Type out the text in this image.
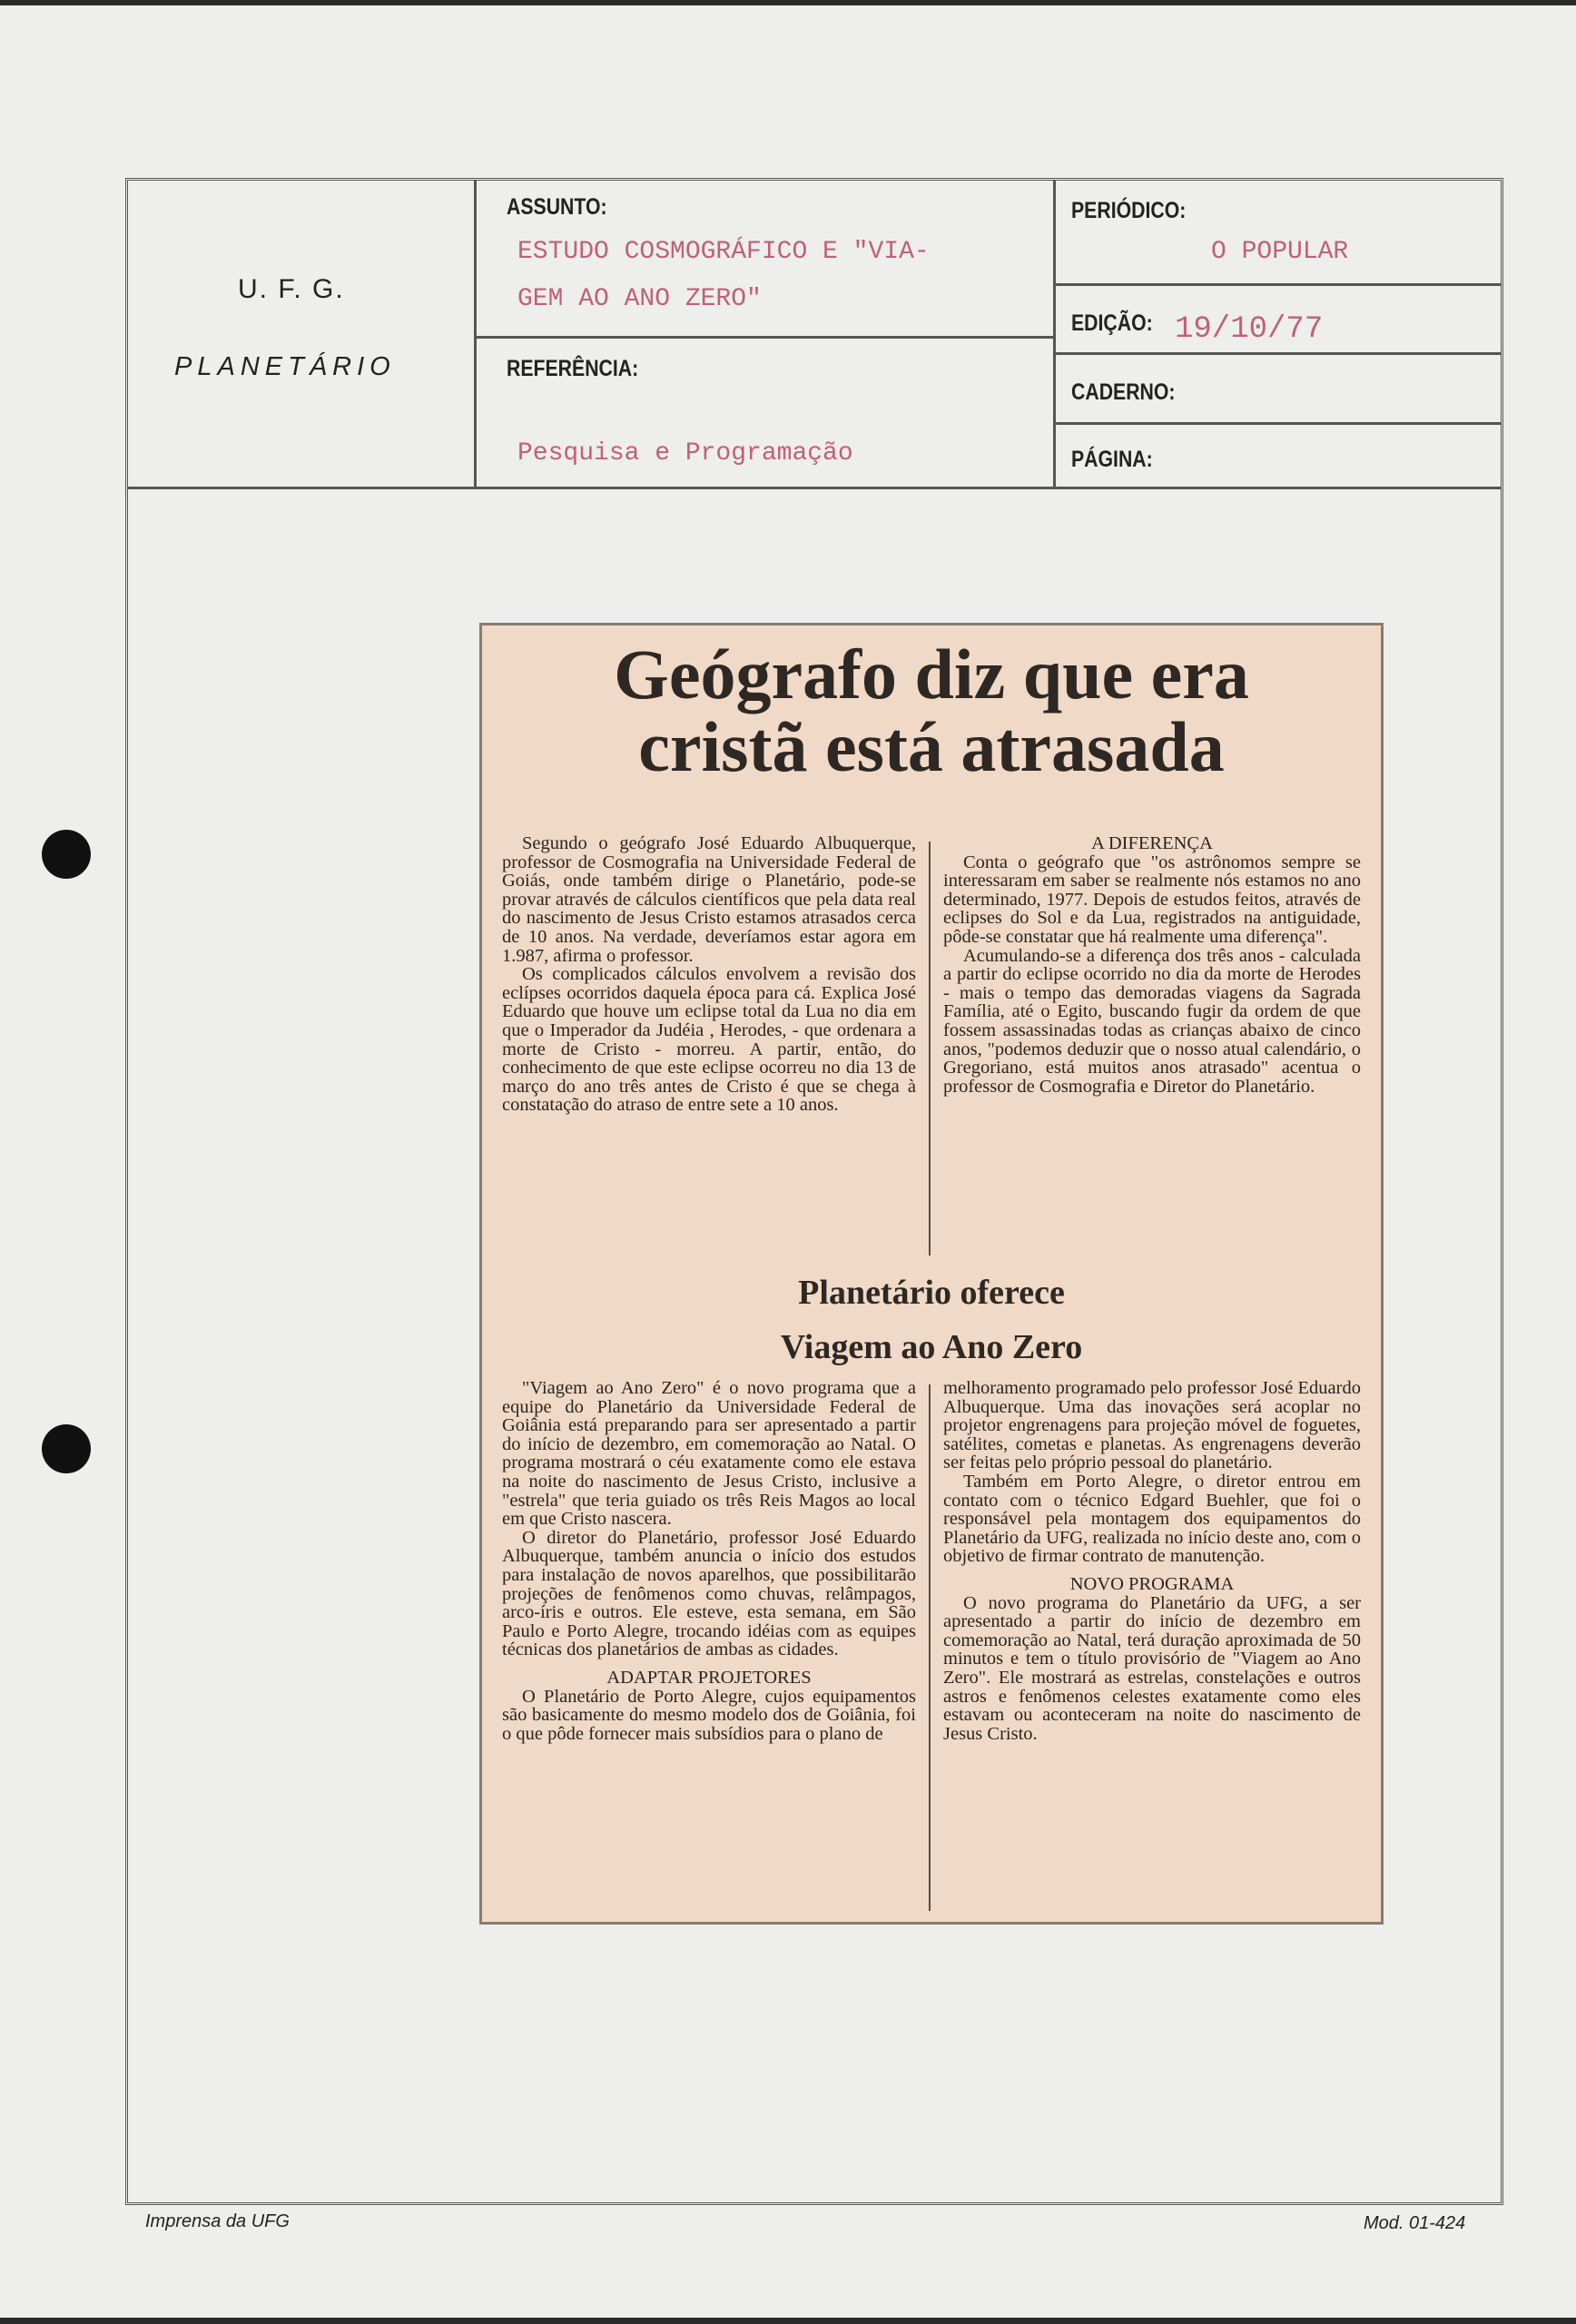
U. F. G.
PLANETÁRIO
ASSUNTO:
ESTUDO COSMOGRÁFICO E "VIA-
GEM AO ANO ZERO"
REFERÊNCIA:
Pesquisa e Programação
PERIÓDICO:
O POPULAR
EDIÇÃO: 19/10/77
CADERNO:
PÁGINA:
Geógrafo diz que era
cristã está atrasada

Segundo o geógrafo José Eduardo Albuquerque, professor de Cosmografia na Universidade Federal de Goiás, onde também dirige o Planetário, pode-se provar através de cálculos científicos que pela data real do nascimento de Jesus Cristo estamos atrasados cerca de 10 anos. Na verdade, deveríamos estar agora em 1.987, afirma o professor.

Os complicados cálculos envolvem a revisão dos eclípses ocorridos daquela época para cá. Explica José Eduardo que houve um eclipse total da Lua no dia em que o Imperador da Judéia , Herodes, - que ordenara a morte de Cristo - morreu. A partir, então, do conhecimento de que este eclipse ocorreu no dia 13 de março do ano três antes de Cristo é que se chega à constatação do atraso de entre sete a 10 anos.

A DIFERENÇA

Conta o geógrafo que "os astrônomos sempre se interessaram em saber se realmente nós estamos no ano determinado, 1977. Depois de estudos feitos, através de eclipses do Sol e da Lua, registrados na antiguidade, pôde-se constatar que há realmente uma diferença".

Acumulando-se a diferença dos três anos - calculada a partir do eclipse ocorrido no dia da morte de Herodes - mais o tempo das demoradas viagens da Sagrada Família, até o Egito, buscando fugir da ordem de que fossem assassinadas todas as crianças abaixo de cinco anos, "podemos deduzir que o nosso atual calendário, o Gregoriano, está muitos anos atrasado" acentua o professor de Cosmografia e Diretor do Planetário.

Planetário oferece
Viagem ao Ano Zero

"Viagem ao Ano Zero" é o novo programa que a equipe do Planetário da Universidade Federal de Goiânia está preparando para ser apresentado a partir do início de dezembro, em comemoração ao Natal. O programa mostrará o céu exatamente como ele estava na noite do nascimento de Jesus Cristo, inclusive a "estrela" que teria guiado os três Reis Magos ao local em que Cristo nascera.

O diretor do Planetário, professor José Eduardo Albuquerque, também anuncia o início dos estudos para instalação de novos aparelhos, que possibilitarão projeções de fenômenos como chuvas, relâmpagos, arco-íris e outros. Ele esteve, esta semana, em São Paulo e Porto Alegre, trocando idéias com as equipes técnicas dos planetários de ambas as cidades.

ADAPTAR PROJETORES

O Planetário de Porto Alegre, cujos equipamentos são basicamente do mesmo modelo dos de Goiânia, foi o que pôde fornecer mais subsídios para o plano de

melhoramento programado pelo professor José Eduardo Albuquerque. Uma das inovações será acoplar no projetor engrenagens para projeção móvel de foguetes, satélites, cometas e planetas. As engrenagens deverão ser feitas pelo próprio pessoal do planetário.

Também em Porto Alegre, o diretor entrou em contato com o técnico Edgard Buehler, que foi o responsável pela montagem dos equipamentos do Planetário da UFG, realizada no início deste ano, com o objetivo de firmar contrato de manutenção.

NOVO PROGRAMA

O novo programa do Planetário da UFG, a ser apresentado a partir do início de dezembro em comemoração ao Natal, terá duração aproximada de 50 minutos e tem o título provisório de "Viagem ao Ano Zero". Ele mostrará as estrelas, constelações e outros astros e fenômenos celestes exatamente como eles estavam ou aconteceram na noite do nascimento de Jesus Cristo.

Imprensa da UFG	Mod. 01-424
